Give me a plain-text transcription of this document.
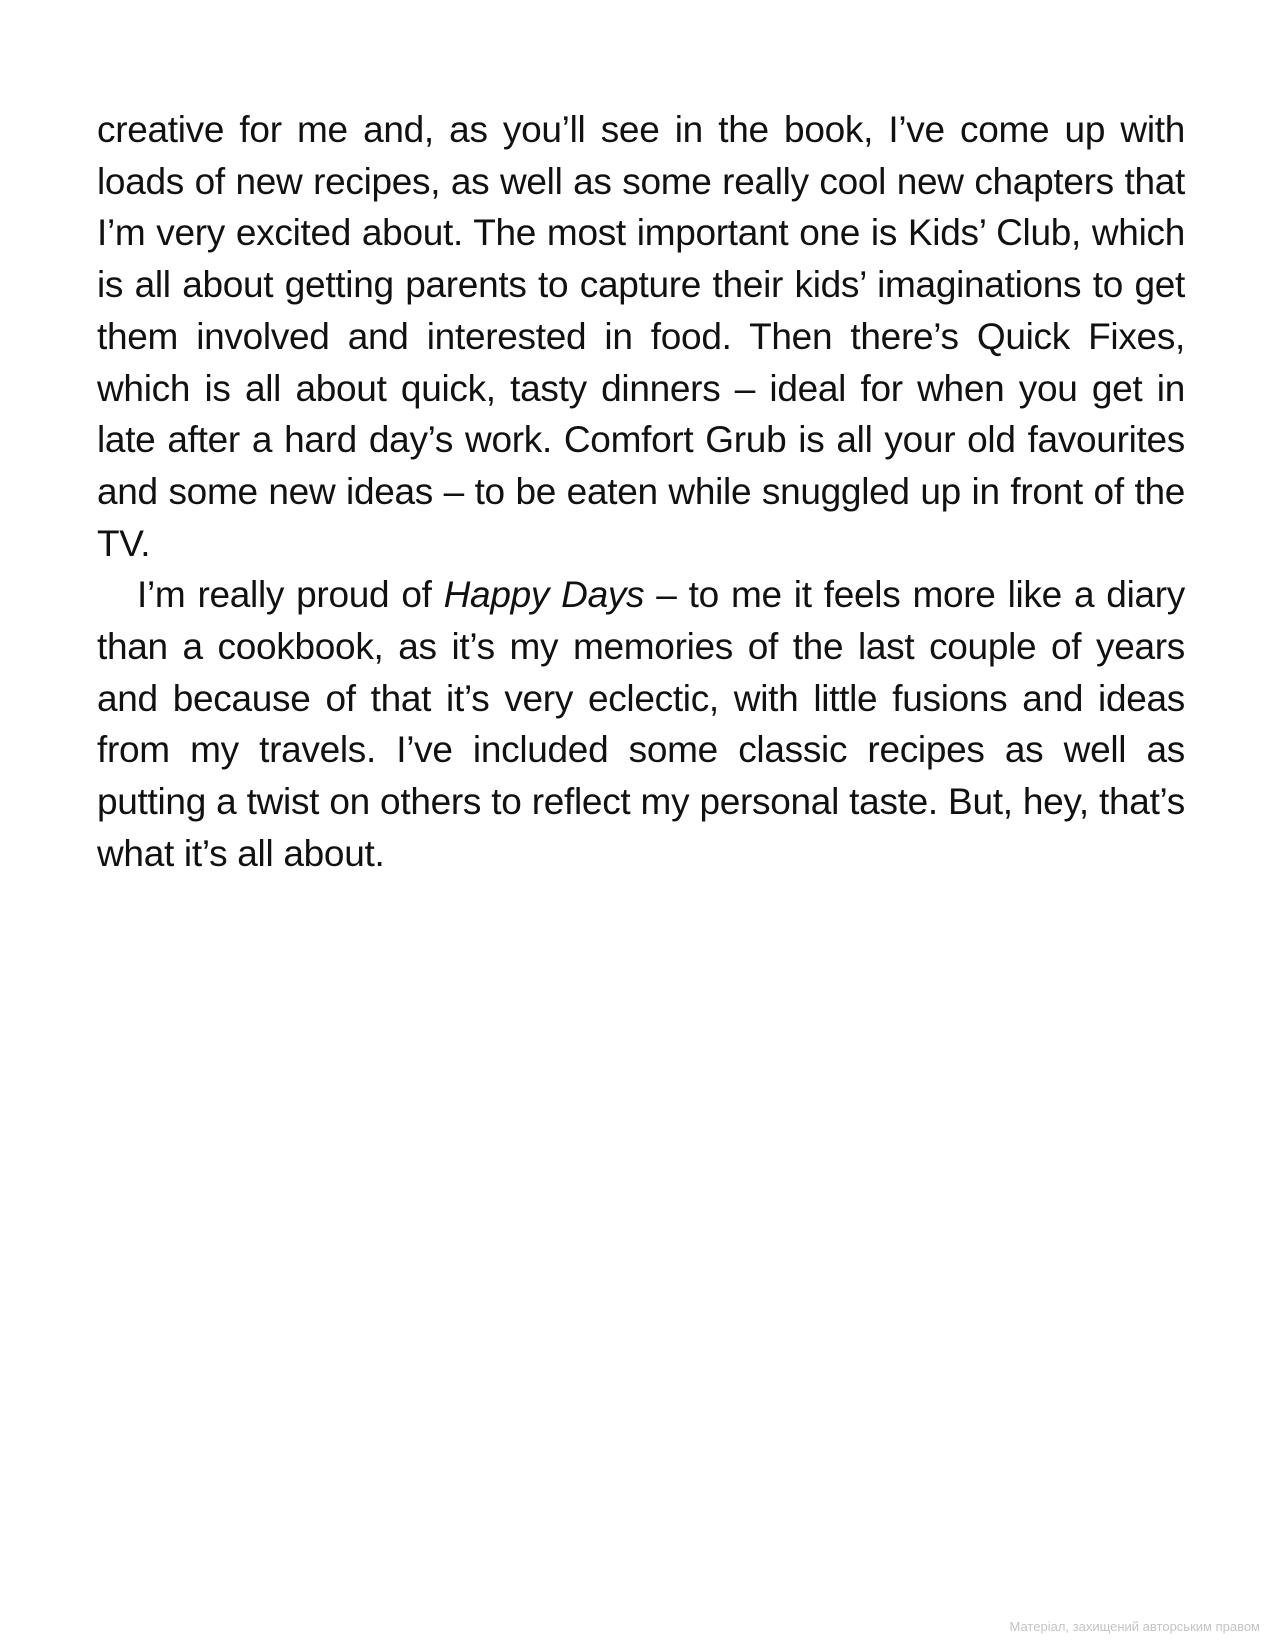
creative for me and, as you’ll see in the book, I’ve come up with loads of new recipes, as well as some really cool new chapters that I’m very excited about. The most important one is Kids’ Club, which is all about getting parents to capture their kids’ imaginations to get them involved and interested in food. Then there’s Quick Fixes, which is all about quick, tasty dinners – ideal for when you get in late after a hard day’s work. Comfort Grub is all your old favourites and some new ideas – to be eaten while snuggled up in front of the TV.

I’m really proud of Happy Days – to me it feels more like a diary than a cookbook, as it’s my memories of the last couple of years and because of that it’s very eclectic, with little fusions and ideas from my travels. I’ve included some classic recipes as well as putting a twist on others to reflect my personal taste. But, hey, that’s what it’s all about.

Матеріал, захищений авторським правом
